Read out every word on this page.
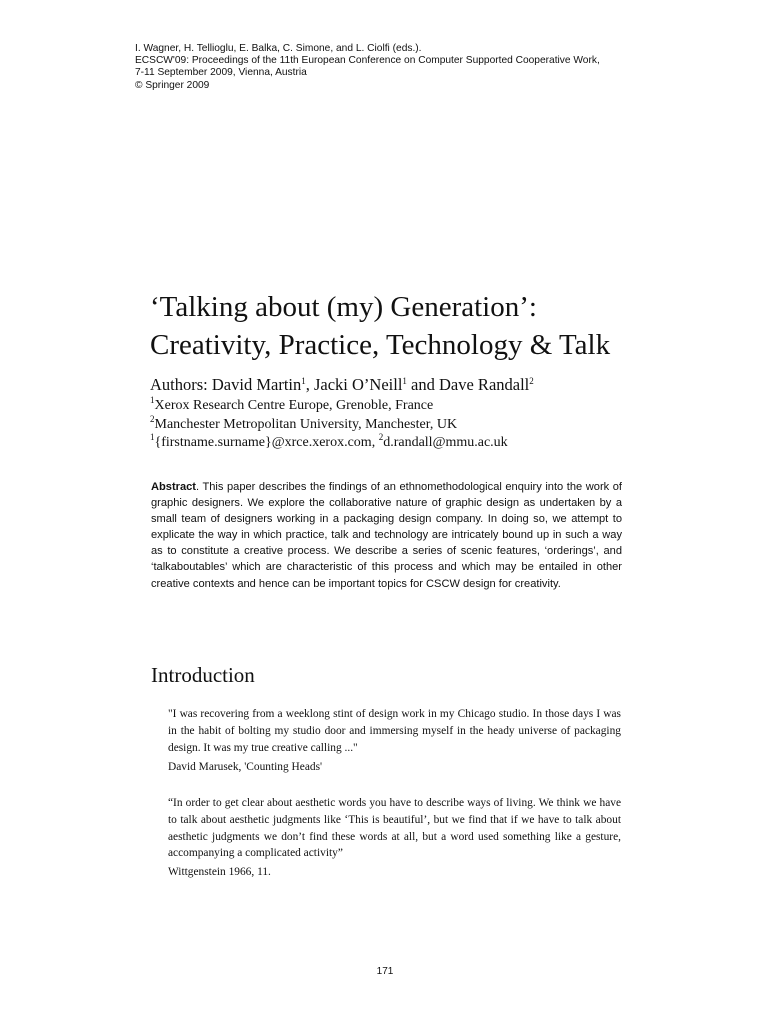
I. Wagner, H. Tellioglu, E. Balka, C. Simone, and L. Ciolfi (eds.).
ECSCW'09: Proceedings of the 11th European Conference on Computer Supported Cooperative Work,
7-11 September 2009, Vienna, Austria
© Springer 2009
‘Talking about (my) Generation’:
Creativity, Practice, Technology & Talk
Authors: David Martin$^1$, Jacki O’Neill$^1$ and Dave Randall$^2$
$^1$Xerox Research Centre Europe, Grenoble, France
$^2$Manchester Metropolitan University, Manchester, UK
$^1${firstname.surname}@xrce.xerox.com, $^2$d.randall@mmu.ac.uk

Abstract. This paper describes the findings of an ethnomethodological enquiry into the work of graphic designers. We explore the collaborative nature of graphic design as undertaken by a small team of designers working in a packaging design company. In doing so, we attempt to explicate the way in which practice, talk and technology are intricately bound up in such a way as to constitute a creative process. We describe a series of scenic features, ‘orderings’, and ‘talkaboutables’ which are characteristic of this process and which may be entailed in other creative contexts and hence can be important topics for CSCW design for creativity.

Introduction

"I was recovering from a weeklong stint of design work in my Chicago studio. In those days I was in the habit of bolting my studio door and immersing myself in the heady universe of packaging design. It was my true creative calling ..."

David Marusek, 'Counting Heads'

“In order to get clear about aesthetic words you have to describe ways of living. We think we have to talk about aesthetic judgments like ‘This is beautiful’, but we find that if we have to talk about aesthetic judgments we don’t find these words at all, but a word used something like a gesture, accompanying a complicated activity”

Wittgenstein 1966, 11.
171
